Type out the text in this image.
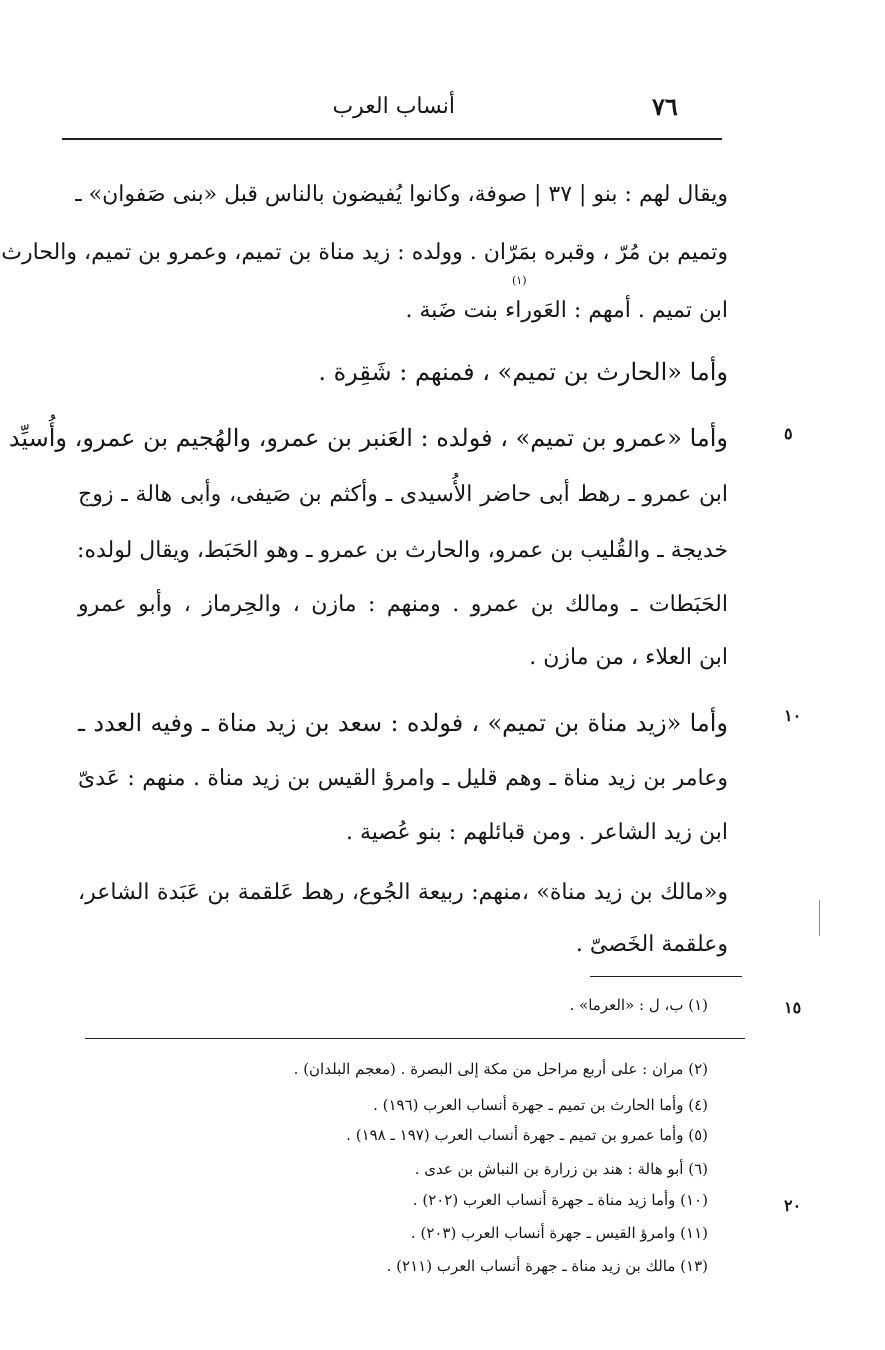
٧٦
أنساب العرب
ويقال لهم : بنو | ٣٧ | صوفة، وكانوا يُفيضون بالناس قبل «بنى صَفوان» ـ
وتميم بن مُرّ ، وقبره بمَرّان . وولده : زيد مناة بن تميم، وعمرو بن تميم، والحارث
(١)
ابن تميم . أمهم : العَوراء بنت ضَبة .
وأما «الحارث بن تميم» ، فمنهم : شَقِرة .
وأما «عمرو بن تميم» ، فولده : العَنبر بن عمرو، والهُجيم بن عمرو، وأُسيِّد
ابن عمرو ـ رهط أبى حاضر الأُسيدى ـ وأكثم بن صَيفى، وأبى هالة ـ زوج
خديجة ـ والقُليب بن عمرو، والحارث بن عمرو ـ وهو الحَبَط، ويقال لولده:
الحَبَطات ـ ومالك بن عمرو . ومنهم : مازن ، والحِرماز ، وأبو عمرو
ابن العلاء ، من مازن .
وأما «زيد مناة بن تميم» ، فولده : سعد بن زيد مناة ـ وفيه العدد ـ
وعامر بن زيد مناة ـ وهم قليل ـ وامرؤ القيس بن زيد مناة . منهم : عَدىّ
ابن زيد الشاعر . ومن قبائلهم : بنو عُصية .
و«مالك بن زيد مناة» ،منهم: ربيعة الجُوع، رهط عَلقمة بن عَبَدة الشاعر،
وعلقمة الخَصىّ .
٥
١٠
١٥
٢٠
(١) ب، ل : «العرما» .
(٢) مران : على أربع مراحل من مكة إلى البصرة . (معجم البلدان) .
(٤) وأما الحارث بن تميم ـ جهرة أنساب العرب (١٩٦) .
(٥) وأما عمرو بن تميم ـ جهرة أنساب العرب (١٩٧ ـ ١٩٨) .
(٦) أبو هالة : هند بن زرارة بن النباش بن عدى .
(١٠) وأما زيد مناة ـ جهرة أنساب العرب (٢٠٢) .
(١١) وامرؤ القيس ـ جهرة أنساب العرب (٢٠٣) .
(١٣) مالك بن زيد مناة ـ جهرة أنساب العرب (٢١١) .
